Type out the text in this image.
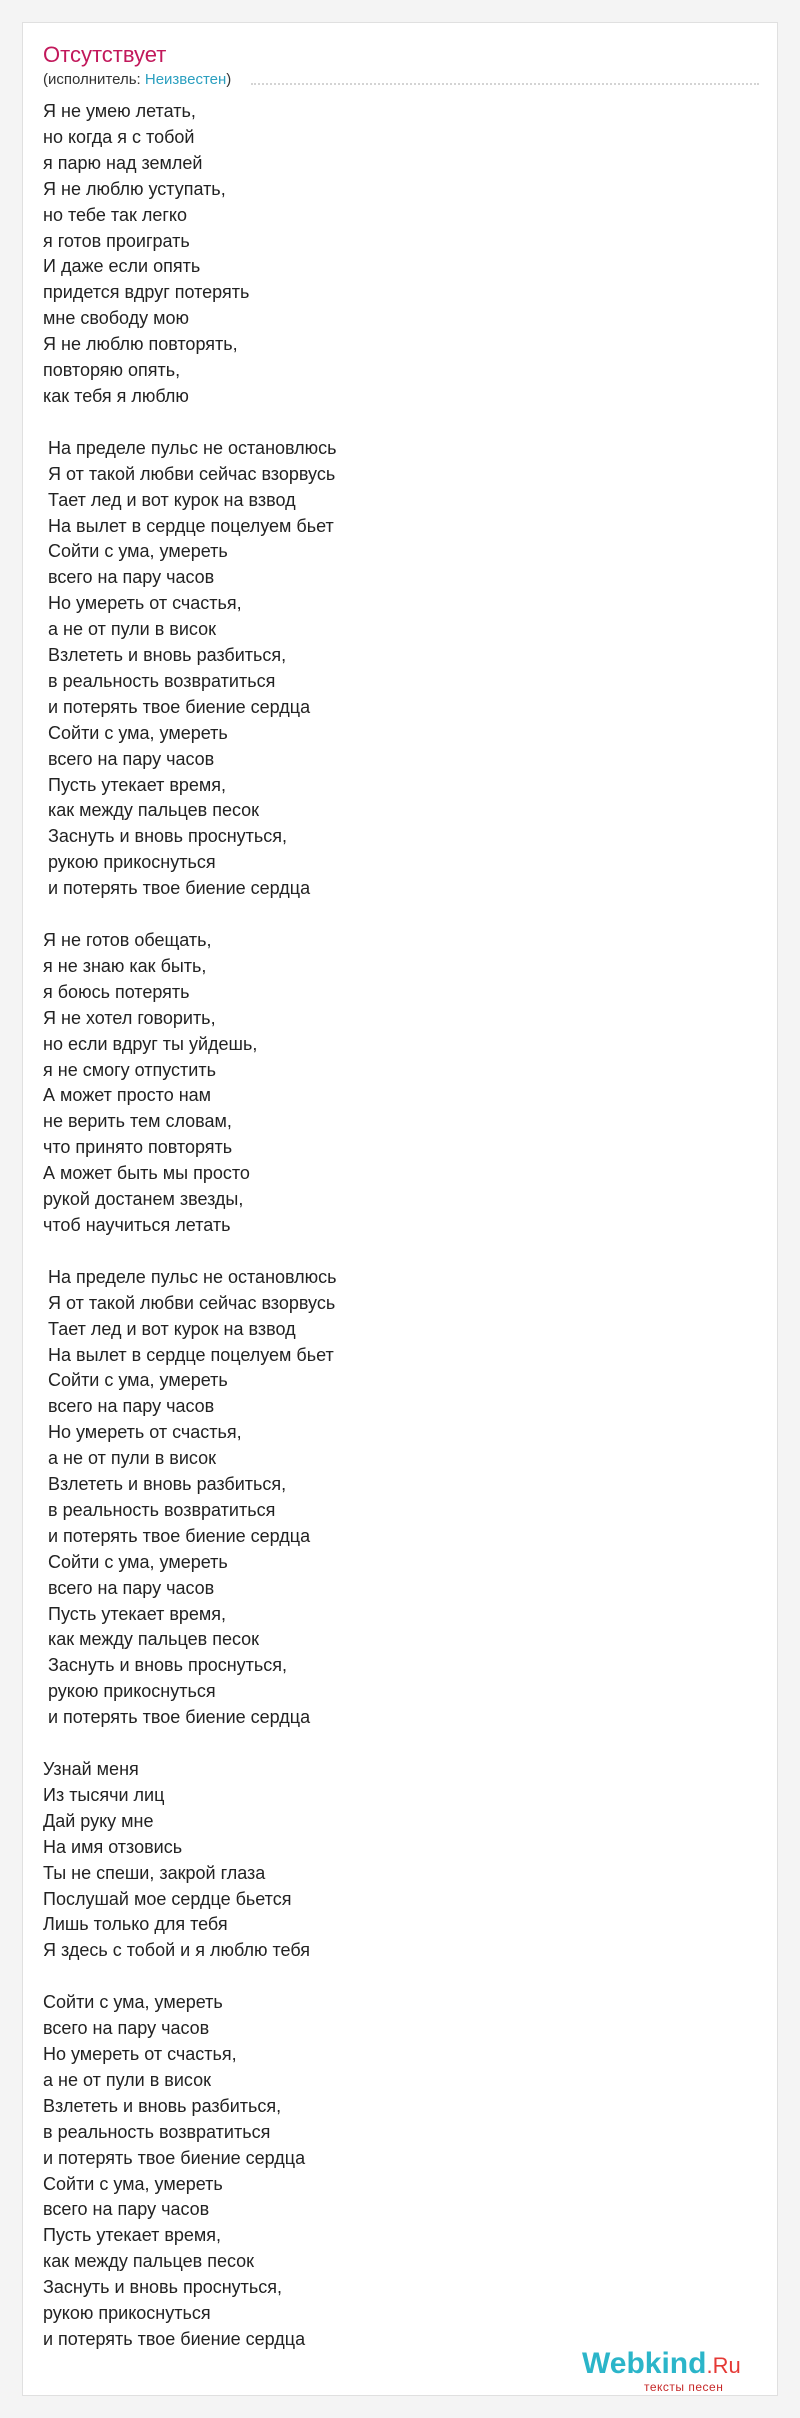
Отсутствует
(исполнитель: Неизвестен)
Я не умею летать,
но когда я с тобой
я парю над землей
Я не люблю уступать,
но тебе так легко
я готов проиграть
И даже если опять
придется вдруг потерять
мне свободу мою
Я не люблю повторять,
повторяю опять,
как тебя я люблю

На пределе пульс не остановлюсь
Я от такой любви сейчас взорвусь
Тает лед и вот курок на взвод
На вылет в сердце поцелуем бьет
Сойти с ума, умереть
всего на пару часов
Но умереть от счастья,
а не от пули в висок
Взлететь и вновь разбиться,
в реальность возвратиться
и потерять твое биение сердца
Сойти с ума, умереть
всего на пару часов
Пусть утекает время,
как между пальцев песок
Заснуть и вновь проснуться,
рукою прикоснуться
и потерять твое биение сердца

Я не готов обещать,
я не знаю как быть,
я боюсь потерять
Я не хотел говорить,
но если вдруг ты уйдешь,
я не смогу отпустить
А может просто нам
не верить тем словам,
что принято повторять
А может быть мы просто
рукой достанем звезды,
чтоб научиться летать

На пределе пульс не остановлюсь
Я от такой любви сейчас взорвусь
Тает лед и вот курок на взвод
На вылет в сердце поцелуем бьет
Сойти с ума, умереть
всего на пару часов
Но умереть от счастья,
а не от пули в висок
Взлететь и вновь разбиться,
в реальность возвратиться
и потерять твое биение сердца
Сойти с ума, умереть
всего на пару часов
Пусть утекает время,
как между пальцев песок
Заснуть и вновь проснуться,
рукою прикоснуться
и потерять твое биение сердца

Узнай меня
Из тысячи лиц
Дай руку мне
На имя отзовись
Ты не спеши, закрой глаза
Послушай мое сердце бьется
Лишь только для тебя
Я здесь с тобой и я люблю тебя

Сойти с ума, умереть
всего на пару часов
Но умереть от счастья,
а не от пули в висок
Взлететь и вновь разбиться,
в реальность возвратиться
и потерять твое биение сердца
Сойти с ума, умереть
всего на пару часов
Пусть утекает время,
как между пальцев песок
Заснуть и вновь проснуться,
рукою прикоснуться
и потерять твое биение сердца
Webkind.Ru
тексты песен
